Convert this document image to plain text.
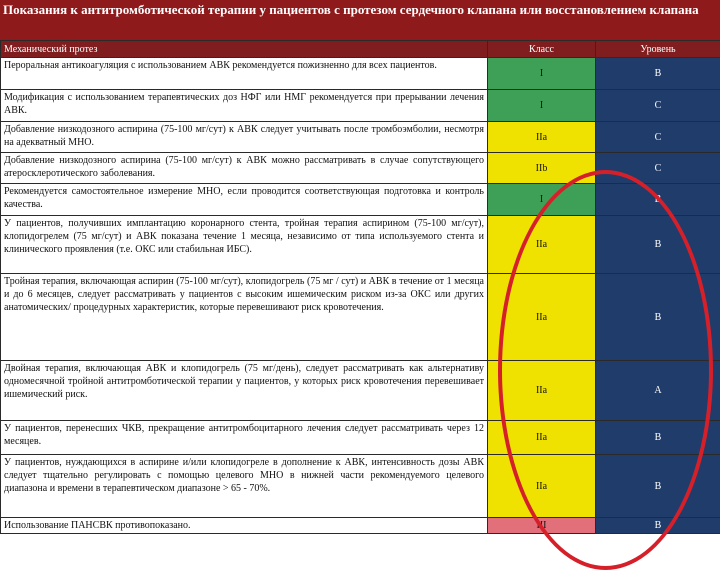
Показания к антитромботической терапии у пациентов с протезом сердечного клапана или восстановлением клапана
Механический протез	Класс	Уровень
Пероральная антикоагуляция с использованием АВК рекомендуется пожизненно для всех пациентов.	I	B
Модификация с использованием терапевтических доз НФГ или НМГ рекомендуется при прерывании лечения АВК.	I	C
Добавление низкодозного аспирина (75-100 мг/сут) к АВК следует учитывать после тромбоэмболии, несмотря на адекватный МНО.	IIa	C
Добавление низкодозного аспирина (75-100 мг/сут) к АВК можно рассматривать в случае сопутствующего атеросклеротического заболевания.	IIb	C
Рекомендуется самостоятельное измерение МНО, если проводится соответствующая подготовка и контроль качества.	I	B
У пациентов, получивших имплантацию коронарного стента, тройная терапия аспирином (75-100 мг/сут), клопидогрелем (75 мг/сут) и АВК показана течение 1 месяца, независимо от типа используемого стента и клинического проявления (т.е. ОКС или стабильная ИБС).	IIa	B
Тройная терапия, включающая аспирин (75-100 мг/сут), клопидогрель (75 мг / сут) и АВК в течение от 1 месяца и до 6 месяцев, следует рассматривать у пациентов с высоким ишемическим риском из-за ОКС или других анатомических/ процедурных характеристик, которые перевешивают риск кровотечения.	IIa	B
Двойная терапия, включающая АВК и клопидогрель (75 мг/день), следует рассматривать как альтернативу одномесячной тройной антитромботической терапии у пациентов, у которых риск кровотечения перевешивает ишемический риск.	IIa	A
У пациентов, перенесших ЧКВ, прекращение антитромбоцитарного лечения следует рассматривать через 12 месяцев.	IIa	B
У пациентов, нуждающихся в аспирине и/или клопидогреле в дополнение к АВК, интенсивность дозы АВК следует тщательно регулировать с помощью целевого МНО в нижней части рекомендуемого целевого диапазона и времени в терапевтическом диапазоне > 65 - 70%.	IIa	B
Использование ПАНСВК противопоказано.	III	B
